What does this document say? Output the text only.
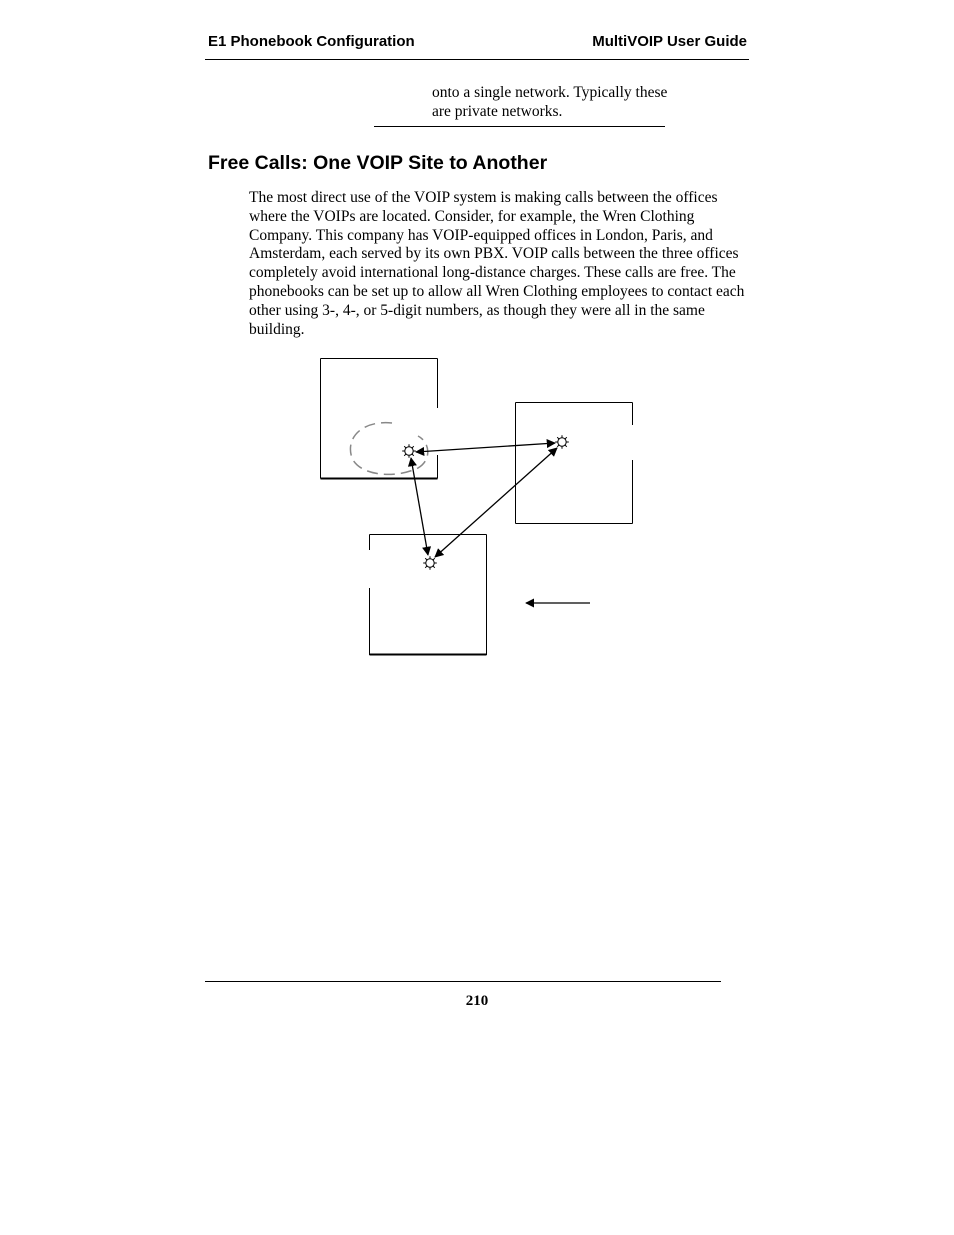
E1 Phonebook Configuration	MultiVOIP User Guide
onto a single network. Typically these are private networks.
Free Calls: One VOIP Site to Another

The most direct use of the VOIP system is making calls between the offices where the VOIPs are located. Consider, for example, the Wren Clothing Company. This company has VOIP-equipped offices in London, Paris, and Amsterdam, each served by its own PBX. VOIP calls between the three offices completely avoid international long-distance charges. These calls are free. The phonebooks can be set up to allow all Wren Clothing employees to contact each other using 3-, 4-, or 5-digit numbers, as though they were all in the same building.

210
